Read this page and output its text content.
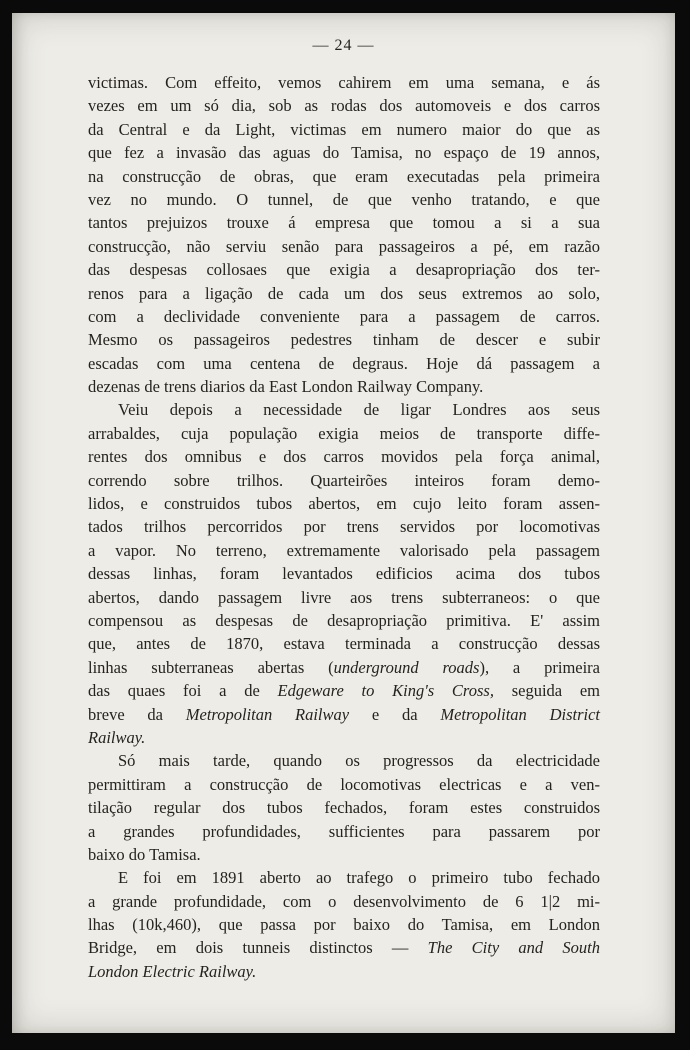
— 24 —
victimas. Com effeito, vemos cahirem em uma semana, e ás
vezes em um só dia, sob as rodas dos automoveis e dos carros
da Central e da Light, victimas em numero maior do que as
que fez a invasão das aguas do Tamisa, no espaço de 19 annos,
na construcção de obras, que eram executadas pela primeira
vez no mundo. O tunnel, de que venho tratando, e que
tantos prejuizos trouxe á empresa que tomou a si a sua
construcção, não serviu senão para passageiros a pé, em razão
das despesas collosaes que exigia a desapropriação dos ter-
renos para a ligação de cada um dos seus extremos ao solo,
com a declividade conveniente para a passagem de carros.
Mesmo os passageiros pedestres tinham de descer e subir
escadas com uma centena de degraus. Hoje dá passagem a
dezenas de trens diarios da East London Railway Company.
Veiu depois a necessidade de ligar Londres aos seus
arrabaldes, cuja população exigia meios de transporte diffe-
rentes dos omnibus e dos carros movidos pela força animal,
correndo sobre trilhos. Quarteirões inteiros foram demo-
lidos, e construidos tubos abertos, em cujo leito foram assen-
tados trilhos percorridos por trens servidos por locomotivas
a vapor. No terreno, extremamente valorisado pela passagem
dessas linhas, foram levantados edificios acima dos tubos
abertos, dando passagem livre aos trens subterraneos: o que
compensou as despesas de desapropriação primitiva. E' assim
que, antes de 1870, estava terminada a construcção dessas
linhas subterraneas abertas (underground roads), a primeira
das quaes foi a de Edgeware to King's Cross, seguida em
breve da Metropolitan Railway e da Metropolitan District
Railway.
Só mais tarde, quando os progressos da electricidade
permittiram a construcção de locomotivas electricas e a ven-
tilação regular dos tubos fechados, foram estes construidos
a grandes profundidades, sufficientes para passarem por
baixo do Tamisa.
E foi em 1891 aberto ao trafego o primeiro tubo fechado
a grande profundidade, com o desenvolvimento de 6 1|2 mi-
lhas (10k,460), que passa por baixo do Tamisa, em London
Bridge, em dois tunneis distinctos — The City and South
London Electric Railway.
